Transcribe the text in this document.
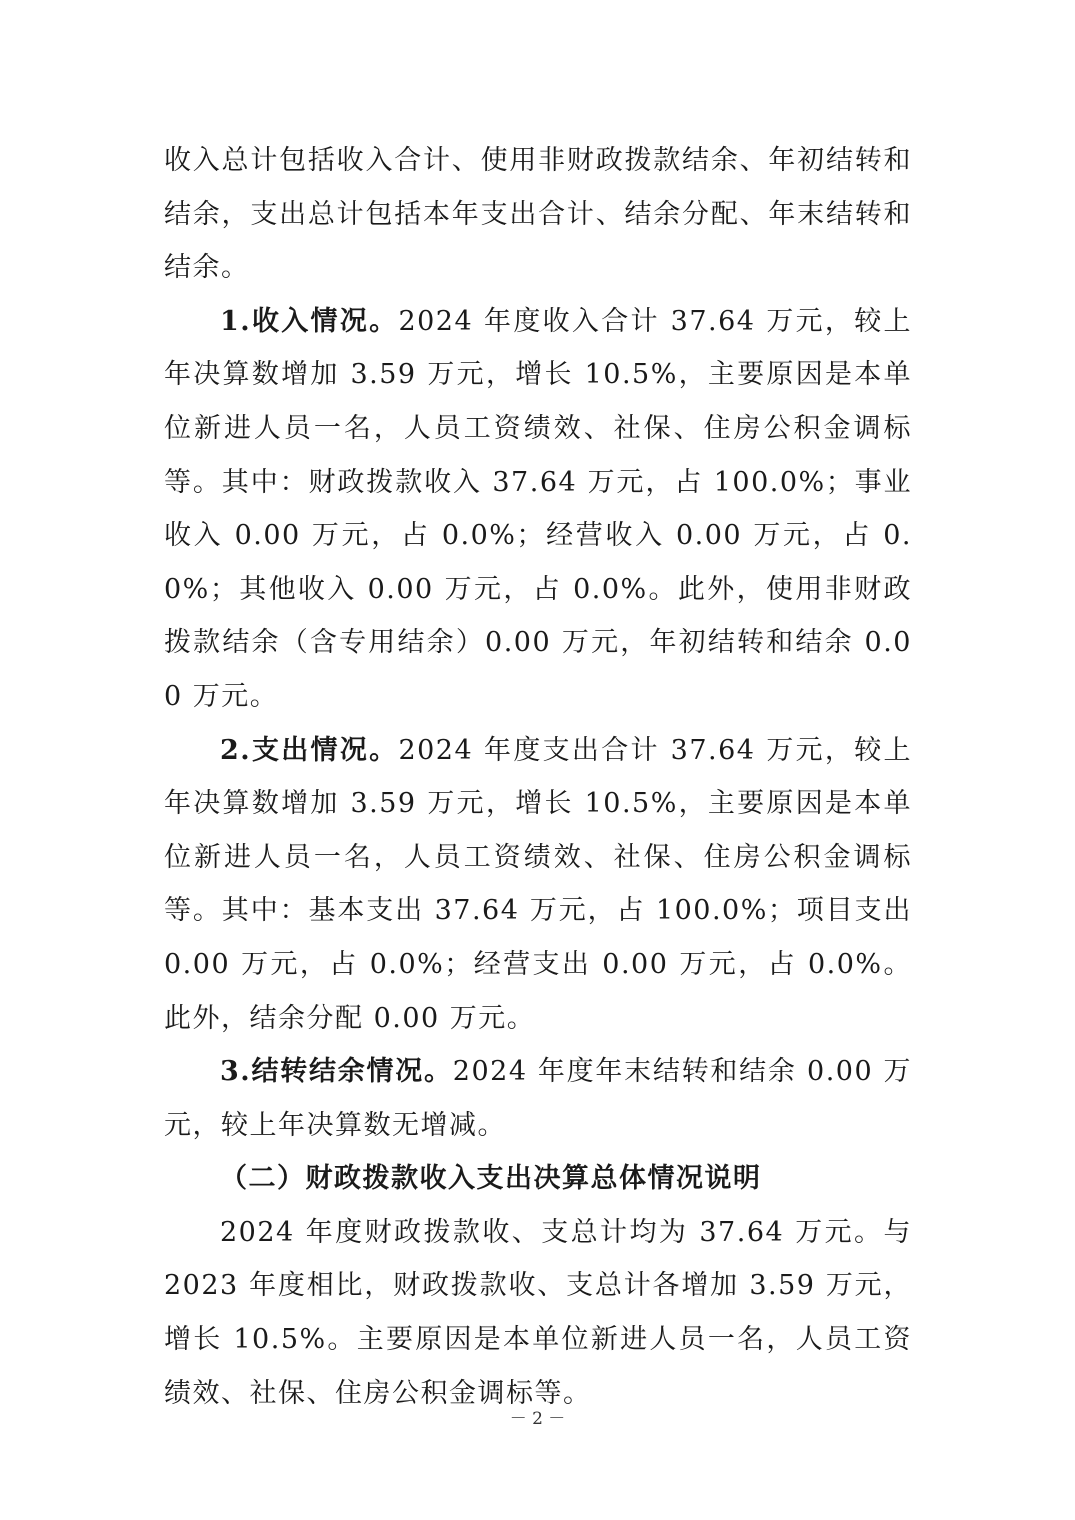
收入总计包括收入合计、使用非财政拨款结余、年初结转和结余，支出总计包括本年支出合计、结余分配、年末结转和结余。

1.收入情况。2024 年度收入合计 37.64 万元，较上年决算数增加 3.59 万元，增长 10.5%，主要原因是本单位新进人员一名，人员工资绩效、社保、住房公积金调标等。其中：财政拨款收入 37.64 万元，占 100.0%；事业收入 0.00 万元，占 0.0%；经营收入 0.00 万元，占 0.0%；其他收入 0.00 万元，占 0.0%。此外，使用非财政拨款结余（含专用结余）0.00 万元，年初结转和结余 0.00 万元。

2.支出情况。2024 年度支出合计 37.64 万元，较上年决算数增加 3.59 万元，增长 10.5%，主要原因是本单位新进人员一名，人员工资绩效、社保、住房公积金调标等。其中：基本支出 37.64 万元，占 100.0%；项目支出 0.00 万元，占 0.0%；经营支出 0.00 万元，占 0.0%。此外，结余分配 0.00 万元。

3.结转结余情况。2024 年度年末结转和结余 0.00 万元，较上年决算数无增减。

（二）财政拨款收入支出决算总体情况说明

2024 年度财政拨款收、支总计均为 37.64 万元。与 2023 年度相比，财政拨款收、支总计各增加 3.59 万元，增长 10.5%。主要原因是本单位新进人员一名，人员工资绩效、社保、住房公积金调标等。

－ 2 －
